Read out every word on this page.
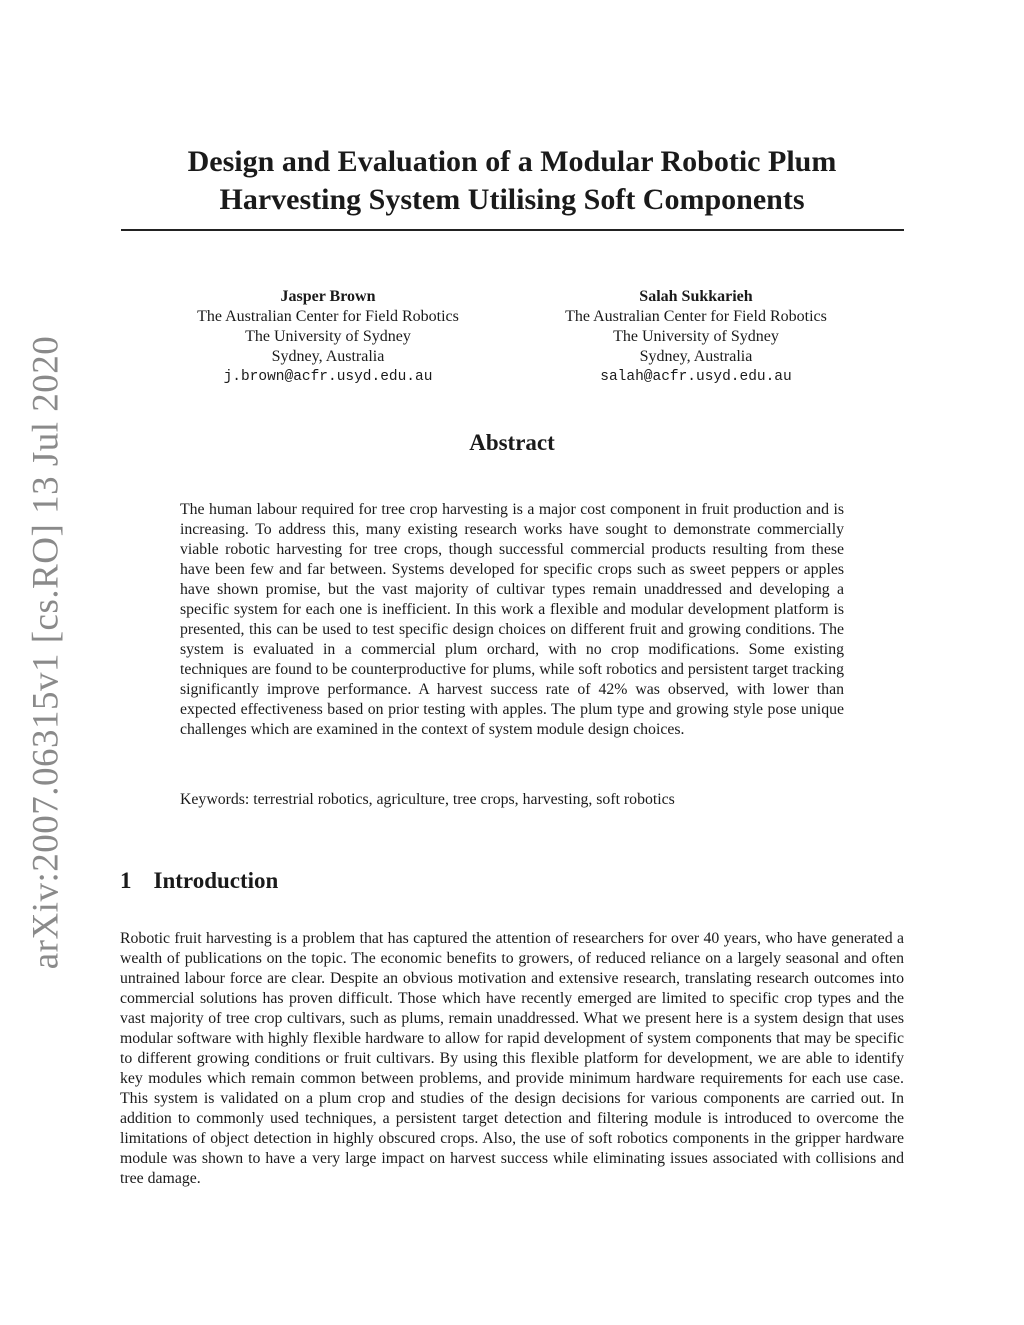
arXiv:2007.06315v1 [cs.RO] 13 Jul 2020
Design and Evaluation of a Modular Robotic Plum Harvesting System Utilising Soft Components
Jasper Brown
The Australian Center for Field Robotics
The University of Sydney
Sydney, Australia
j.brown@acfr.usyd.edu.au
Salah Sukkarieh
The Australian Center for Field Robotics
The University of Sydney
Sydney, Australia
salah@acfr.usyd.edu.au
Abstract

The human labour required for tree crop harvesting is a major cost component in fruit production and is increasing. To address this, many existing research works have sought to demonstrate commercially viable robotic harvesting for tree crops, though successful commercial products resulting from these have been few and far between. Systems developed for specific crops such as sweet peppers or apples have shown promise, but the vast majority of cultivar types remain unaddressed and developing a specific system for each one is inefficient. In this work a flexible and modular development platform is presented, this can be used to test specific design choices on different fruit and growing conditions. The system is evaluated in a commercial plum orchard, with no crop modifications. Some existing techniques are found to be counterproductive for plums, while soft robotics and persistent target tracking significantly improve performance. A harvest success rate of 42% was observed, with lower than expected effectiveness based on prior testing with apples. The plum type and growing style pose unique challenges which are examined in the context of system module design choices.

Keywords: terrestrial robotics, agriculture, tree crops, harvesting, soft robotics

1 Introduction

Robotic fruit harvesting is a problem that has captured the attention of researchers for over 40 years, who have generated a wealth of publications on the topic. The economic benefits to growers, of reduced reliance on a largely seasonal and often untrained labour force are clear. Despite an obvious motivation and extensive research, translating research outcomes into commercial solutions has proven difficult. Those which have recently emerged are limited to specific crop types and the vast majority of tree crop cultivars, such as plums, remain unaddressed. What we present here is a system design that uses modular software with highly flexible hardware to allow for rapid development of system components that may be specific to different growing conditions or fruit cultivars. By using this flexible platform for development, we are able to identify key modules which remain common between problems, and provide minimum hardware requirements for each use case. This system is validated on a plum crop and studies of the design decisions for various components are carried out. In addition to commonly used techniques, a persistent target detection and filtering module is introduced to overcome the limitations of object detection in highly obscured crops. Also, the use of soft robotics components in the gripper hardware module was shown to have a very large impact on harvest success while eliminating issues associated with collisions and tree damage.
